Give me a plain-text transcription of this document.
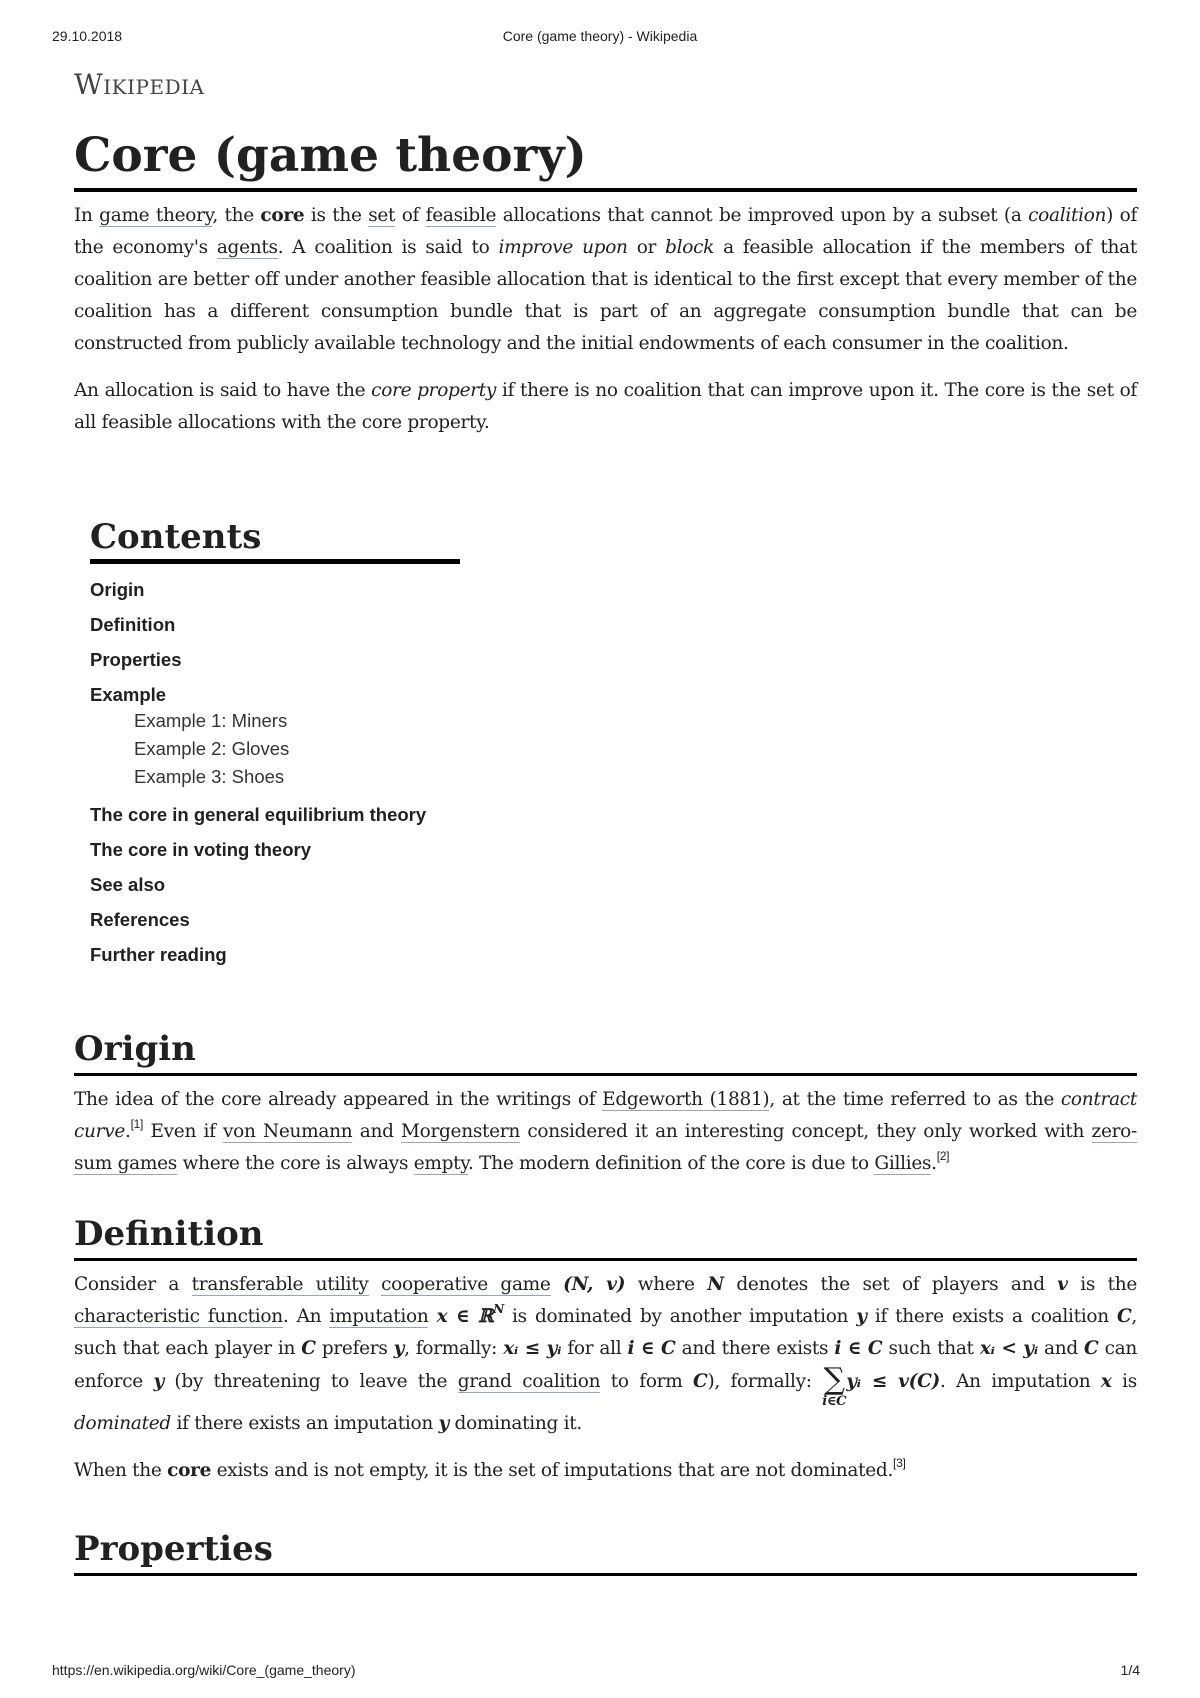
29.10.2018	Core (game theory) - Wikipedia
Wikipedia
Core (game theory)

In game theory, the core is the set of feasible allocations that cannot be improved upon by a subset (a coalition) of the economy's agents. A coalition is said to improve upon or block a feasible allocation if the members of that coalition are better off under another feasible allocation that is identical to the first except that every member of the coalition has a different consumption bundle that is part of an aggregate consumption bundle that can be constructed from publicly available technology and the initial endowments of each consumer in the coalition.

An allocation is said to have the core property if there is no coalition that can improve upon it. The core is the set of all feasible allocations with the core property.

Contents
Origin
Definition
Properties
Example
Example 1: Miners
Example 2: Gloves
Example 3: Shoes
The core in general equilibrium theory
The core in voting theory
See also
References
Further reading
Origin

The idea of the core already appeared in the writings of Edgeworth (1881), at the time referred to as the contract curve.[1] Even if von Neumann and Morgenstern considered it an interesting concept, they only worked with zero-sum games where the core is always empty. The modern definition of the core is due to Gillies.[2]

Definition

Consider a transferable utility cooperative game (N, v) where N denotes the set of players and v is the characteristic function. An imputation x ∈ ℝ$^N$ is dominated by another imputation y if there exists a coalition C, such that each player in C prefers y, formally: xᵢ ≤ yᵢ for all i ∈ C and there exists i ∈ C such that xᵢ < yᵢ and C can enforce y (by threatening to leave the grand coalition to form C), formally: ∑
i∈C
yᵢ ≤ v(C). An imputation x is dominated if there exists an imputation y dominating it.

When the core exists and is not empty, it is the set of imputations that are not dominated.[3]

Properties
https://en.wikipedia.org/wiki/Core_(game_theory)	1/4
